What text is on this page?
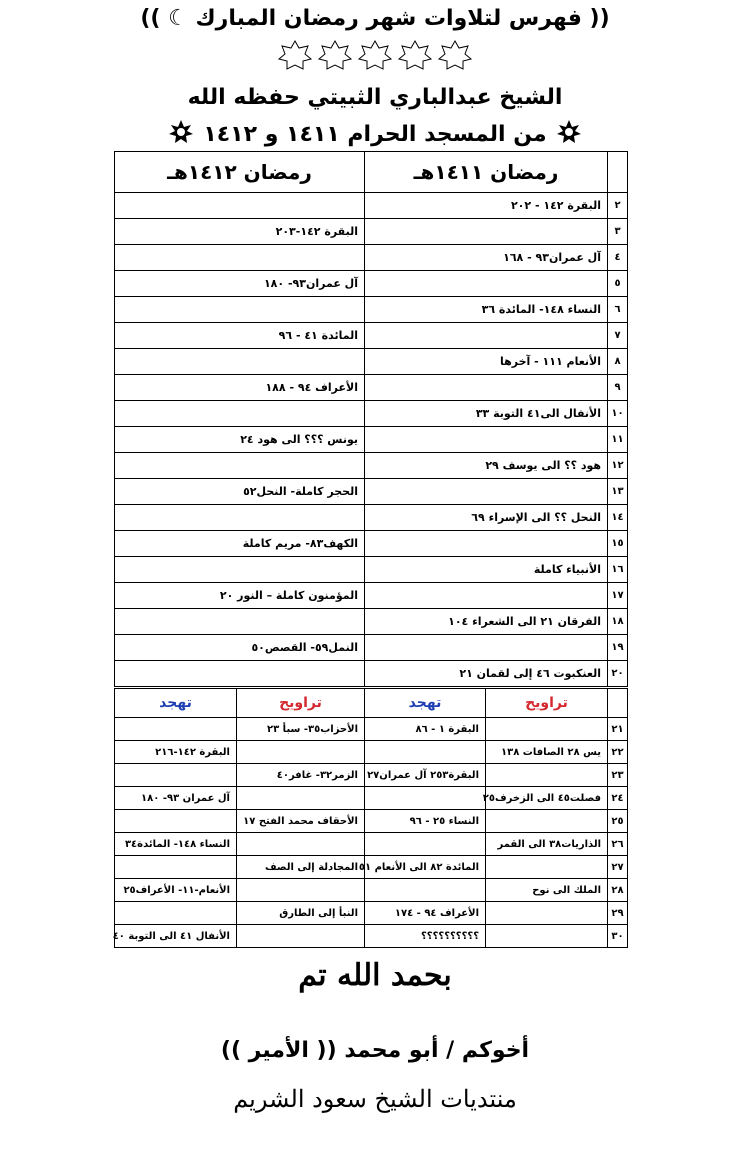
(( فهرس لتلاوات شهر رمضان المبارك ☾ ))
الشيخ عبدالباري الثبيتي حفظه الله
من المسجد الحرام ١٤١١ و ١٤١٢
	رمضان ١٤١١هـ	رمضان ١٤١٢هـ
٢	البقرة ١٤٢ - ٢٠٢	
٣		البقرة ١٤٢-٢٠٣
٤	آل عمران٩٣ - ١٦٨	
٥		آل عمران٩٣- ١٨٠
٦	النساء ١٤٨- المائدة ٣٦	
٧		المائدة ٤١ - ٩٦
٨	الأنعام ١١١ - آخرها	
٩		الأعراف ٩٤ - ١٨٨
١٠	الأنفال الى٤١ التوبة ٣٣	
١١		يونس ؟؟؟ الى هود ٢٤
١٢	هود ؟؟ الى يوسف ٢٩	
١٣		الحجر كاملة- النحل٥٢
١٤	النحل ؟؟ الى الإسراء ٦٩	
١٥		الكهف٨٣- مريم كاملة
١٦	الأنبياء كاملة	
١٧		المؤمنون كاملة – النور ٢٠
١٨	الفرقان ٢١ الى الشعراء ١٠٤	
١٩		النمل٥٩- القصص٥٠
٢٠	العنكبوت ٤٦ إلى لقمان ٢١	
	تراويح	تهجد	تراويح	تهجد
٢١		البقرة ١ - ٨٦	الأحزاب٣٥- سبأ ٢٣	
٢٢	يس ٢٨ الصافات ١٣٨			البقرة ١٤٢-٢١٦
٢٣		البقرة٢٥٣ آل عمران٢٧	الزمر٣٢- غافر٤٠	
٢٤	فصلت٤٥ الى الزخرف٢٥			آل عمران ٩٣- ١٨٠
٢٥		النساء ٢٥ - ٩٦	الأحقاف محمد الفتح ١٧	
٢٦	الذاريات٣٨ الى القمر			النساء ١٤٨- المائدة٣٤
٢٧		المائدة ٨٢ الى الأنعام ٥١	المجادلة إلى الصف	
٢٨	الملك الى نوح			الأنعام-١١- الأعراف٢٥
٢٩		الأعراف ٩٤ - ١٧٤	النبأ إلى الطارق	
٣٠		؟؟؟؟؟؟؟؟؟؟		الأنفال ٤١ الى التوبة ٤٠
بحمد الله تم
أخوكم / أبو محمد (( الأمير ))
منتديات الشيخ سعود الشريم
